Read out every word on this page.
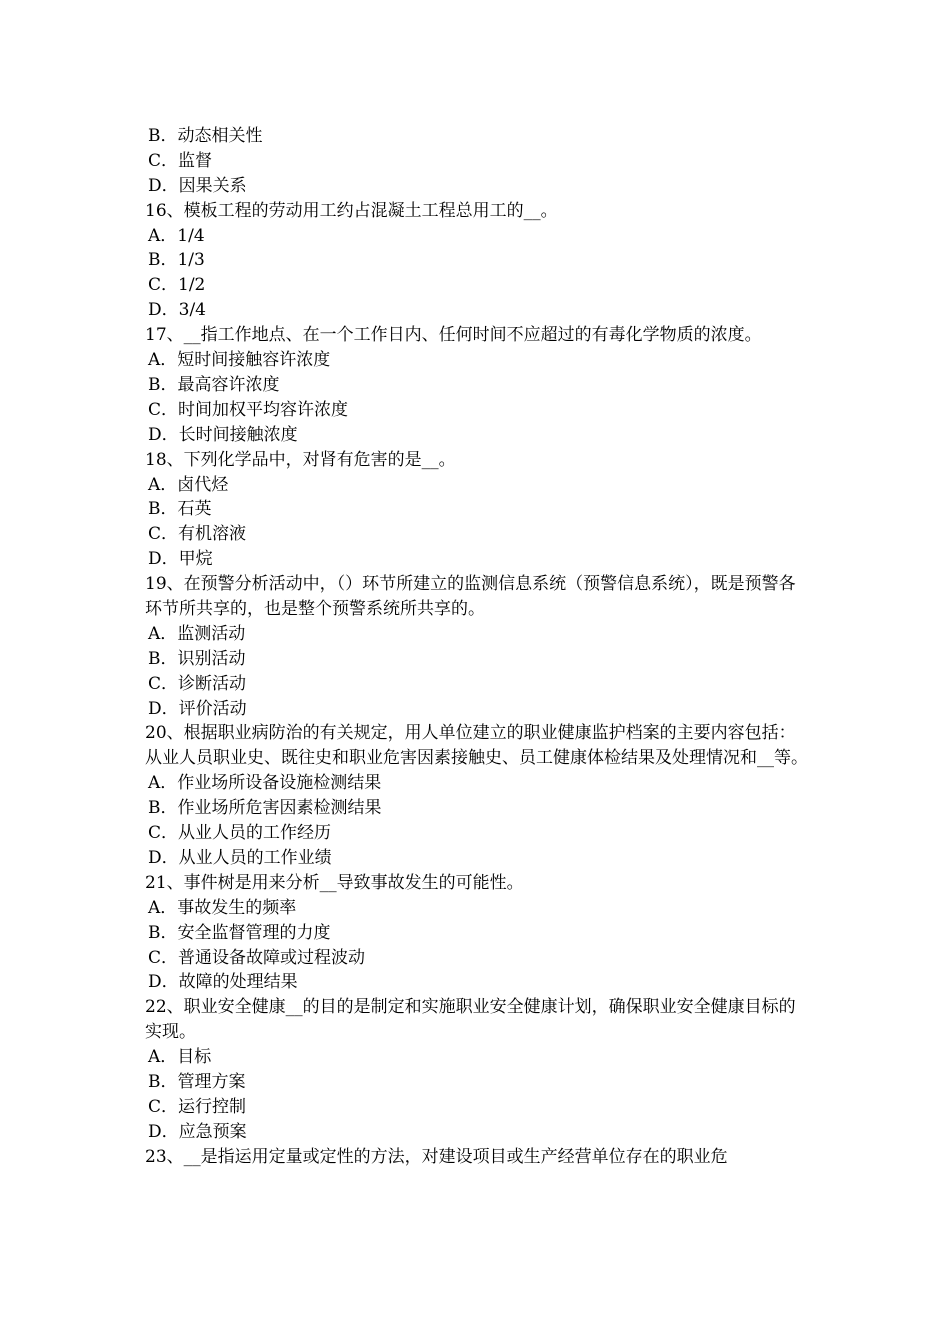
B．动态相关性
C．监督
D．因果关系
16、模板工程的劳动用工约占混凝土工程总用工的__。
A．1/4
B．1/3
C．1/2
D．3/4
17、__指工作地点、在一个工作日内、任何时间不应超过的有毒化学物质的浓度。
A．短时间接触容许浓度
B．最高容许浓度
C．时间加权平均容许浓度
D．长时间接触浓度
18、下列化学品中，对肾有危害的是__。
A．卤代烃
B．石英
C．有机溶液
D．甲烷
19、在预警分析活动中，（）环节所建立的监测信息系统（预警信息系统），既是预警各环节所共享的，也是整个预警系统所共享的。
A．监测活动
B．识别活动
C．诊断活动
D．评价活动
20、根据职业病防治的有关规定，用人单位建立的职业健康监护档案的主要内容包括：从业人员职业史、既往史和职业危害因素接触史、员工健康体检结果及处理情况和__等。
A．作业场所设备设施检测结果
B．作业场所危害因素检测结果
C．从业人员的工作经历
D．从业人员的工作业绩
21、事件树是用来分析__导致事故发生的可能性。
A．事故发生的频率
B．安全监督管理的力度
C．普通设备故障或过程波动
D．故障的处理结果
22、职业安全健康__的目的是制定和实施职业安全健康计划，确保职业安全健康目标的实现。
A．目标
B．管理方案
C．运行控制
D．应急预案
23、__是指运用定量或定性的方法，对建设项目或生产经营单位存在的职业危
